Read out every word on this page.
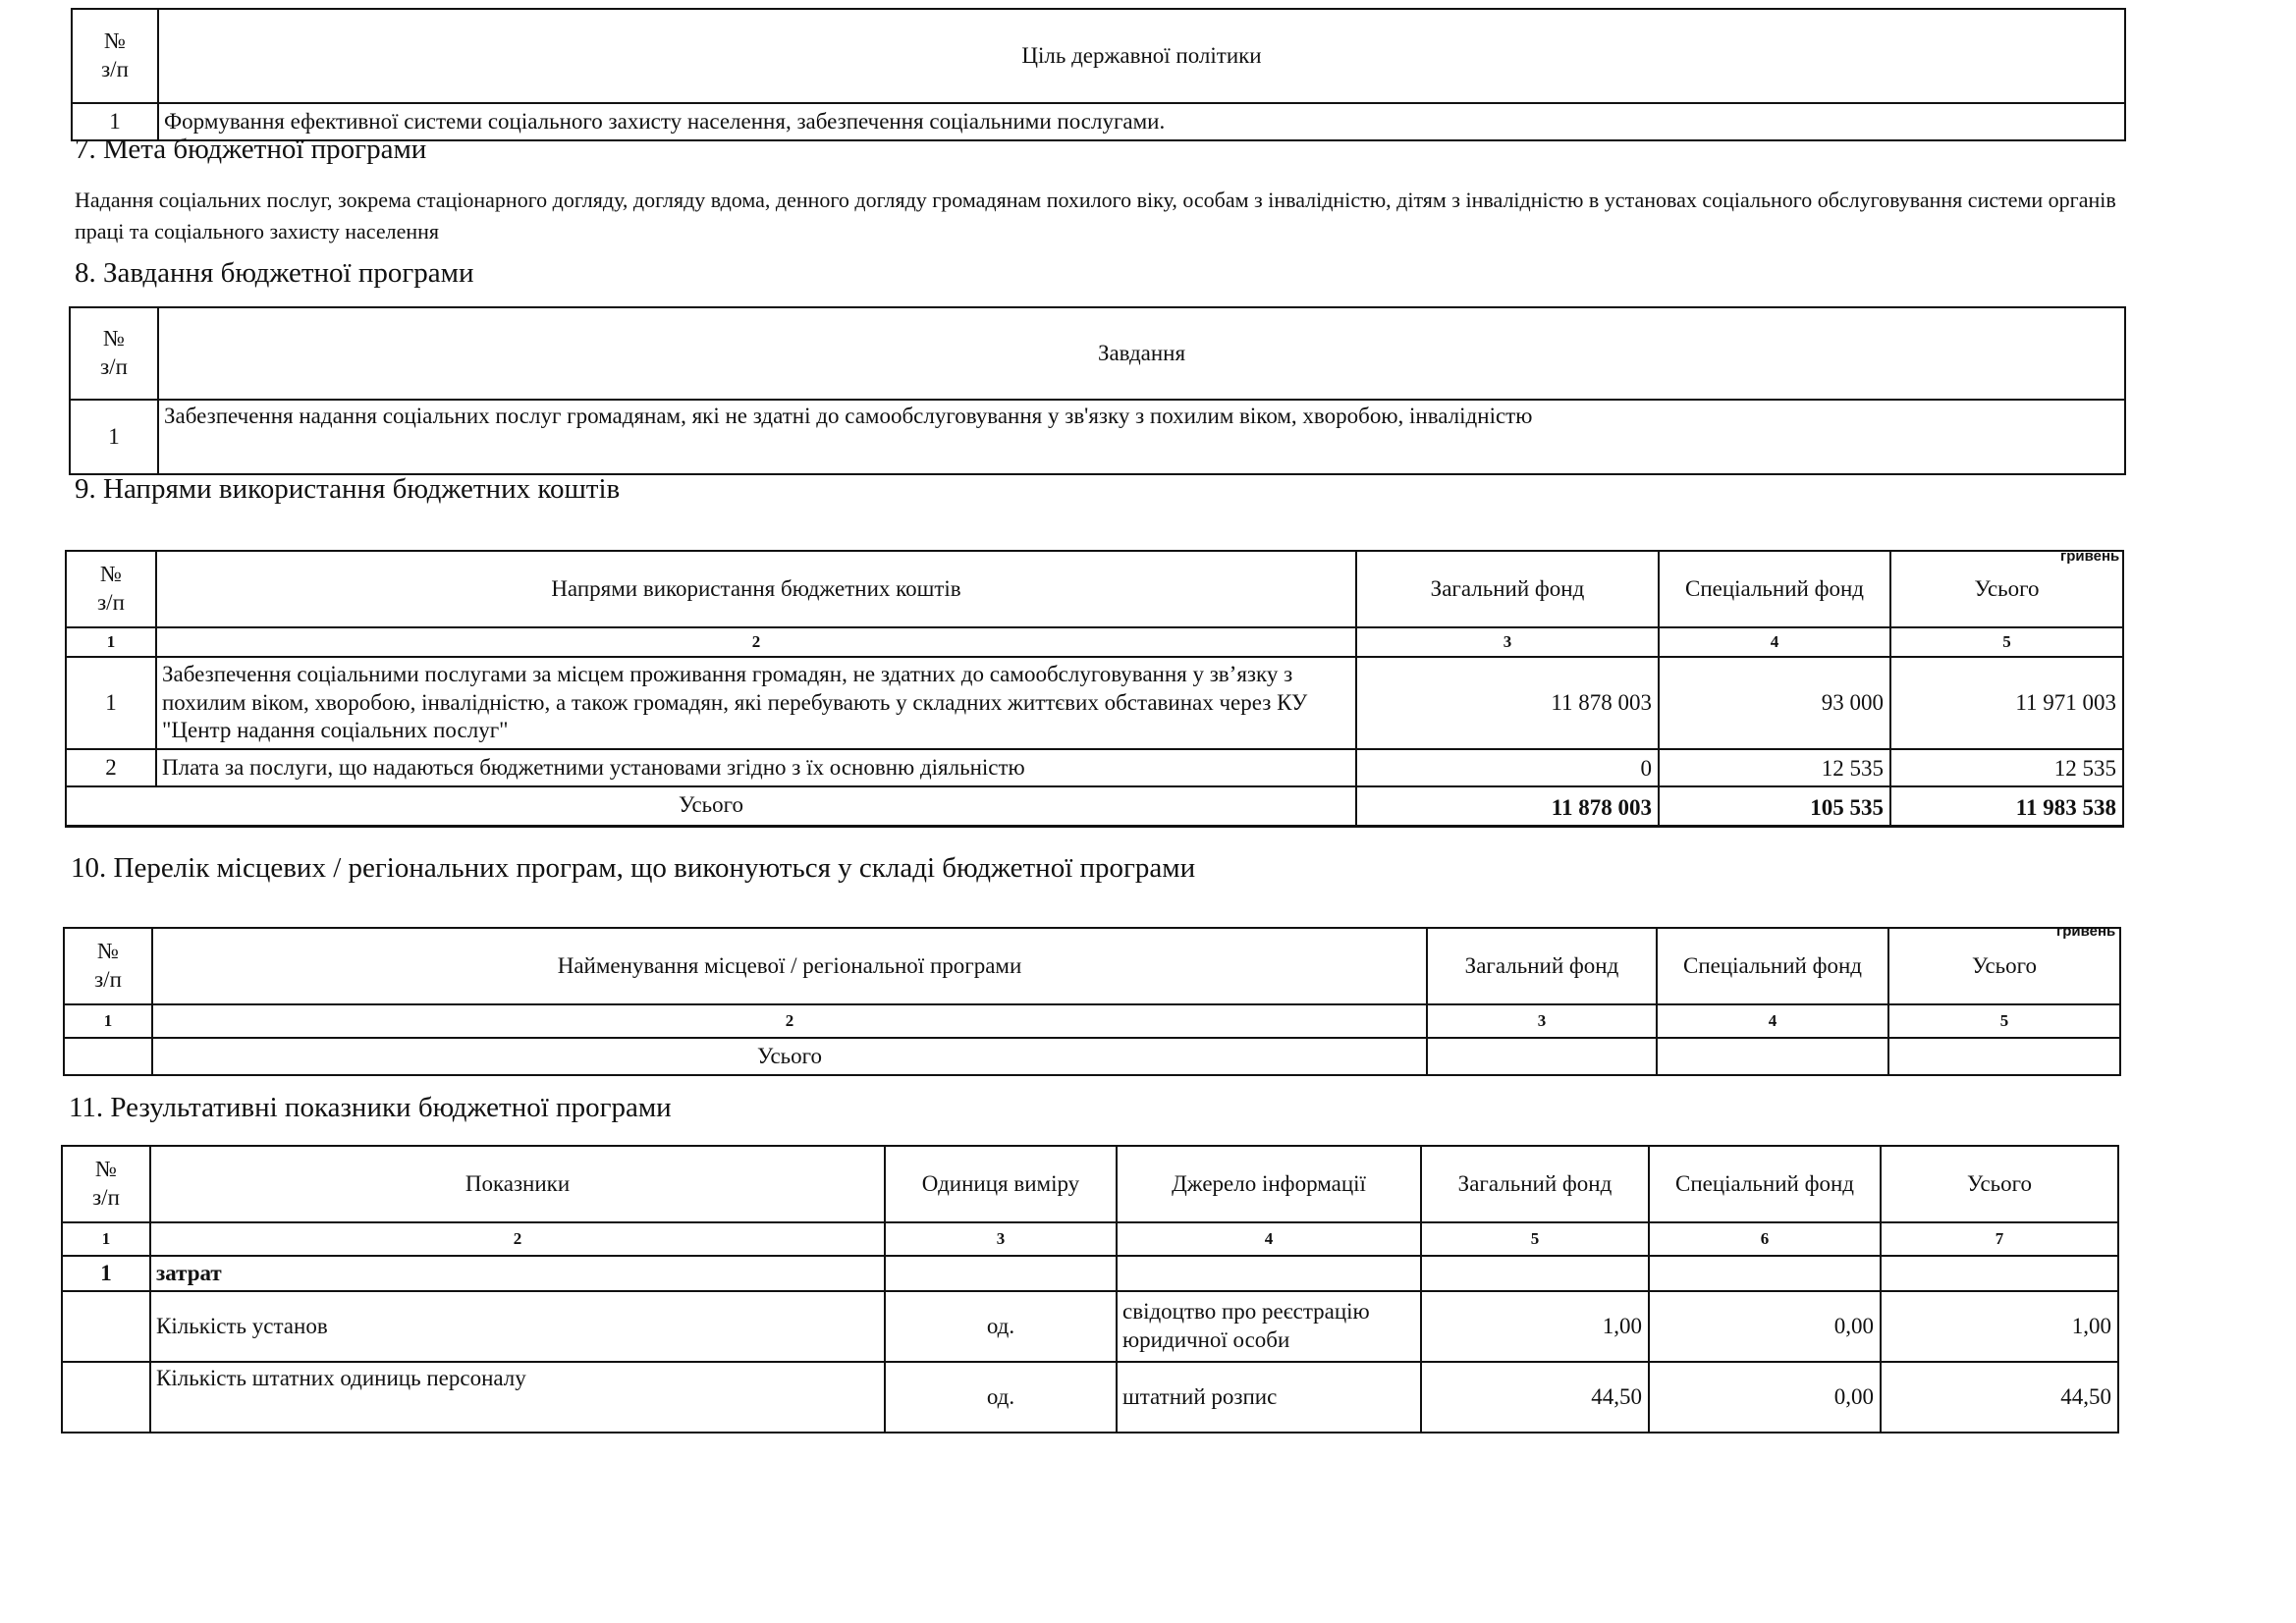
№
з/п	Ціль державної політики
1	Формування ефективної системи соціального захисту населення, забезпечення соціальними послугами.
7. Мета бюджетної програми
Надання соціальних послуг, зокрема стаціонарного догляду, догляду вдома, денного догляду громадянам похилого віку, особам з інвалідністю, дітям з інвалідністю в установах соціального обслуговування системи органів праці та соціального захисту населення
8. Завдання бюджетної програми
№
з/п	Завдання
1	Забезпечення надання соціальних послуг громадянам, які не здатні до самообслуговування у зв'язку з похилим віком, хворобою, інвалідністю
9. Напрями використання бюджетних коштів
гривень
№
з/п	Напрями використання бюджетних коштів	Загальний фонд	Спеціальний фонд	Усього
1	2	3	4	5
1	Забезпечення соціальними послугами за місцем проживання громадян, не здатних до самообслуговування у зв’язку з похилим віком, хворобою, інвалідністю, а також громадян, які перебувають у складних життєвих обставинах через КУ "Центр надання соціальних послуг"	11 878 003	93 000	11 971 003
2	Плата за послуги, що надаються бюджетними установами згідно з їх основню діяльністю	0	12 535	12 535
Усього		11 878 003	105 535	11 983 538
10. Перелік місцевих / регіональних програм, що виконуються у складі бюджетної програми
гривень
№
з/п	Найменування місцевої / регіональної програми	Загальний фонд	Спеціальний фонд	Усього
1	2	3	4	5
	Усього			
11. Результативні показники бюджетної програми
№
з/п	Показники	Одиниця виміру	Джерело інформації	Загальний фонд	Спеціальний фонд	Усього
1	2	3	4	5	6	7
1	затрат					
	Кількість установ	од.	свідоцтво про реєстрацію юридичної особи	1,00	0,00	1,00
	Кількість штатних одиниць персоналу	од.	штатний розпис	44,50	0,00	44,50
